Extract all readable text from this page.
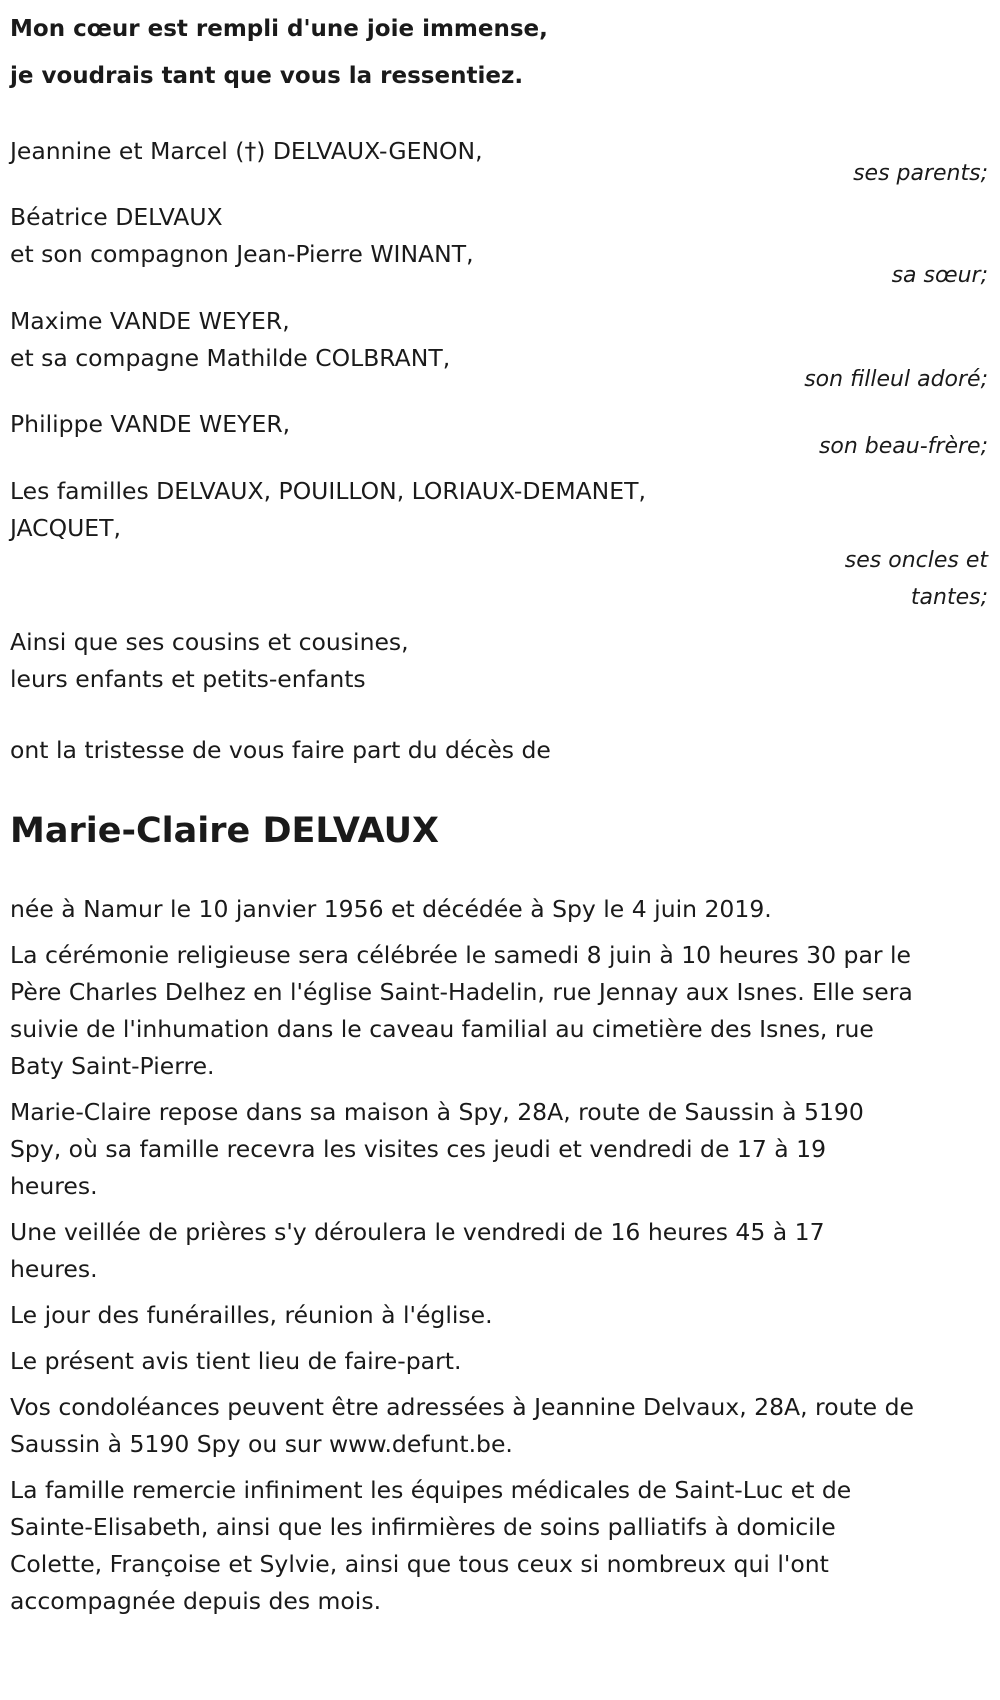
Mon cœur est rempli d'une joie immense,
je voudrais tant que vous la ressentiez.
Jeannine et Marcel (†) DELVAUX-GENON,
ses parents;
Béatrice DELVAUX
et son compagnon Jean-Pierre WINANT,
sa sœur;
Maxime VANDE WEYER,
et sa compagne Mathilde COLBRANT,
son filleul adoré;
Philippe VANDE WEYER,
son beau-frère;
Les familles DELVAUX, POUILLON, LORIAUX-DEMANET,
JACQUET,
ses oncles et tantes;
Ainsi que ses cousins et cousines,
leurs enfants et petits-enfants
ont la tristesse de vous faire part du décès de
Marie-Claire DELVAUX

née à Namur le 10 janvier 1956 et décédée à Spy le 4 juin 2019.

La cérémonie religieuse sera célébrée le samedi 8 juin à 10 heures 30 par le Père Charles Delhez en l'église Saint-Hadelin, rue Jennay aux Isnes. Elle sera suivie de l'inhumation dans le caveau familial au cimetière des Isnes, rue Baty Saint-Pierre.

Marie-Claire repose dans sa maison à Spy, 28A, route de Saussin à 5190 Spy, où sa famille recevra les visites ces jeudi et vendredi de 17 à 19 heures.

Une veillée de prières s'y déroulera le vendredi de 16 heures 45 à 17 heures.

Le jour des funérailles, réunion à l'église.

Le présent avis tient lieu de faire-part.

Vos condoléances peuvent être adressées à Jeannine Delvaux, 28A, route de Saussin à 5190 Spy ou sur www.defunt.be.

La famille remercie infiniment les équipes médicales de Saint-Luc et de Sainte-Elisabeth, ainsi que les infirmières de soins palliatifs à domicile Colette, Françoise et Sylvie, ainsi que tous ceux si nombreux qui l'ont accompagnée depuis des mois.
